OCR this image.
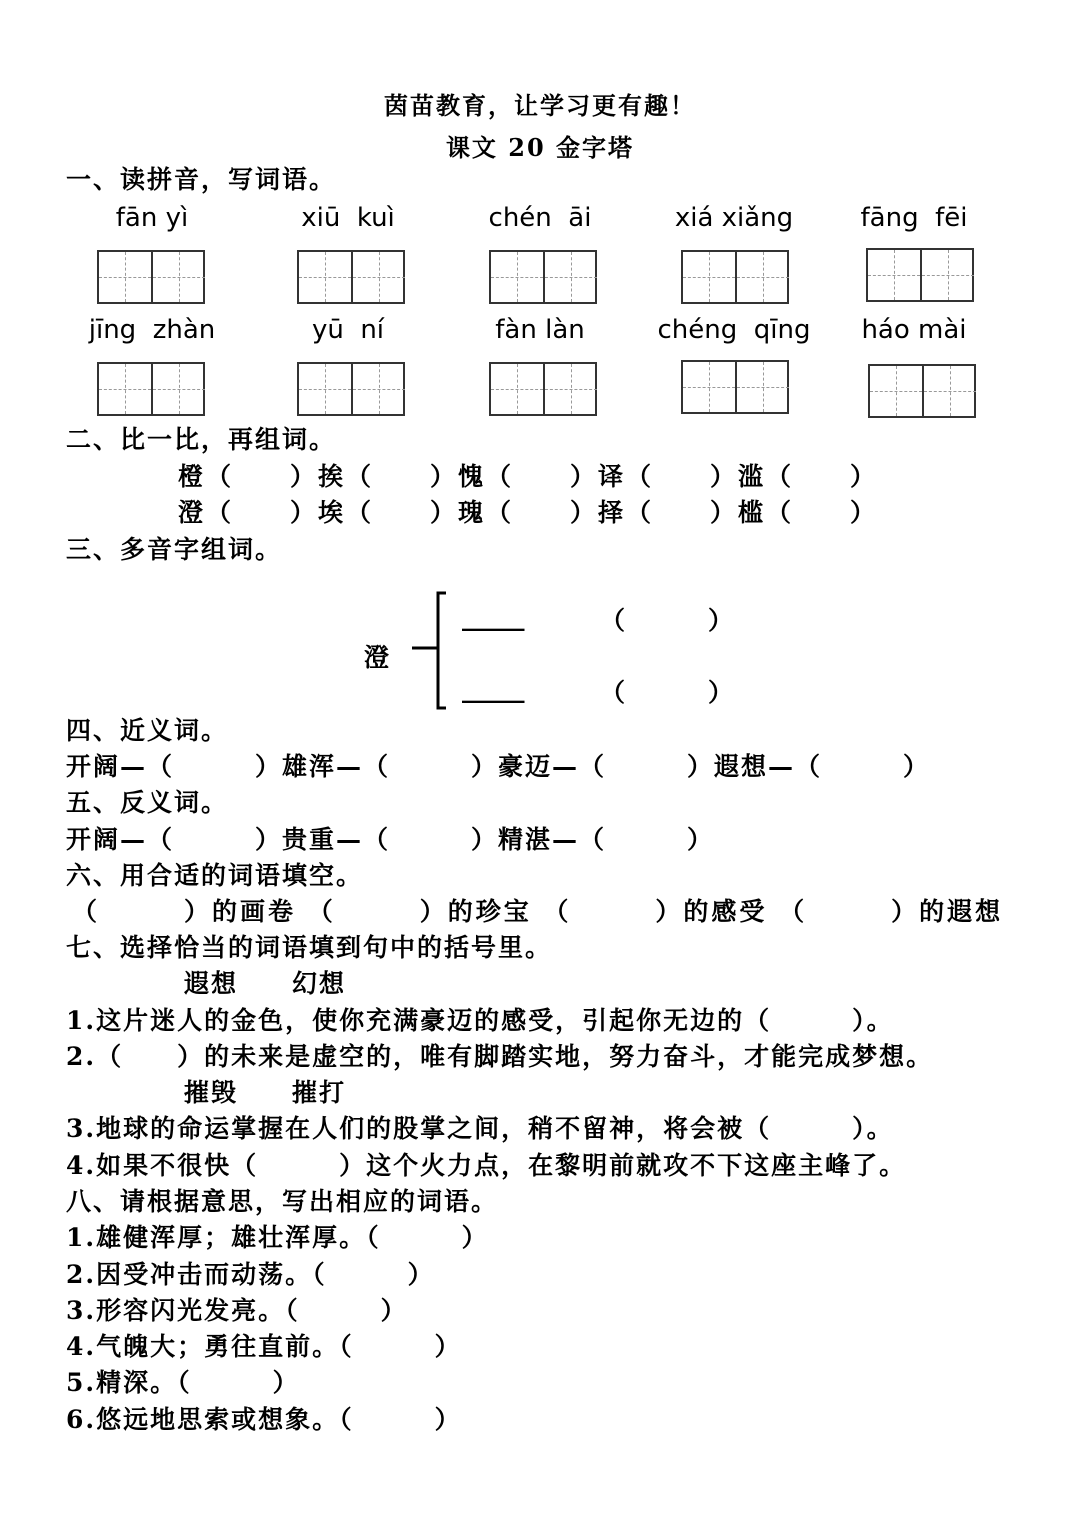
茵苗教育，让学习更有趣！
课文 20 金字塔
一、读拼音，写词语。
fān yì	xiū  kuì	chén  āi	xiá xiǎng	fāng  fēi
jīng  zhàn	yū  ní	fàn làn	chéng  qīng	háo mài
二、比一比，再组词。
橙（　　）挨（　　）愧（　　）译（　　）滥（　　）
澄（　　）埃（　　）瑰（　　）择（　　）槛（　　）
三、多音字组词。
澄
_____	（　　　）
_____	（　　　）
四、近义词。
开阔—（　　　）雄浑—（　　　）豪迈—（　　　）遐想—（　　　）
五、反义词。
开阔—（　　　）贵重—（　　　）精湛—（　　　）
六、用合适的词语填空。
（　　　）的画卷 （　　　）的珍宝 （　　　）的感受 （　　　）的遐想
七、选择恰当的词语填到句中的括号里。
遐想　　幻想
1.这片迷人的金色，使你充满豪迈的感受，引起你无边的（　　　）。
2.（　　）的未来是虚空的，唯有脚踏实地，努力奋斗，才能完成梦想。
摧毁　　摧打
3.地球的命运掌握在人们的股掌之间，稍不留神，将会被（　　　）。
4.如果不很快（　　　）这个火力点，在黎明前就攻不下这座主峰了。
八、请根据意思，写出相应的词语。
1.雄健浑厚；雄壮浑厚。（　　　）
2.因受冲击而动荡。（　　　）
3.形容闪光发亮。（　　　）
4.气魄大；勇往直前。（　　　）
5.精深。（　　　）
6.悠远地思索或想象。（　　　）
